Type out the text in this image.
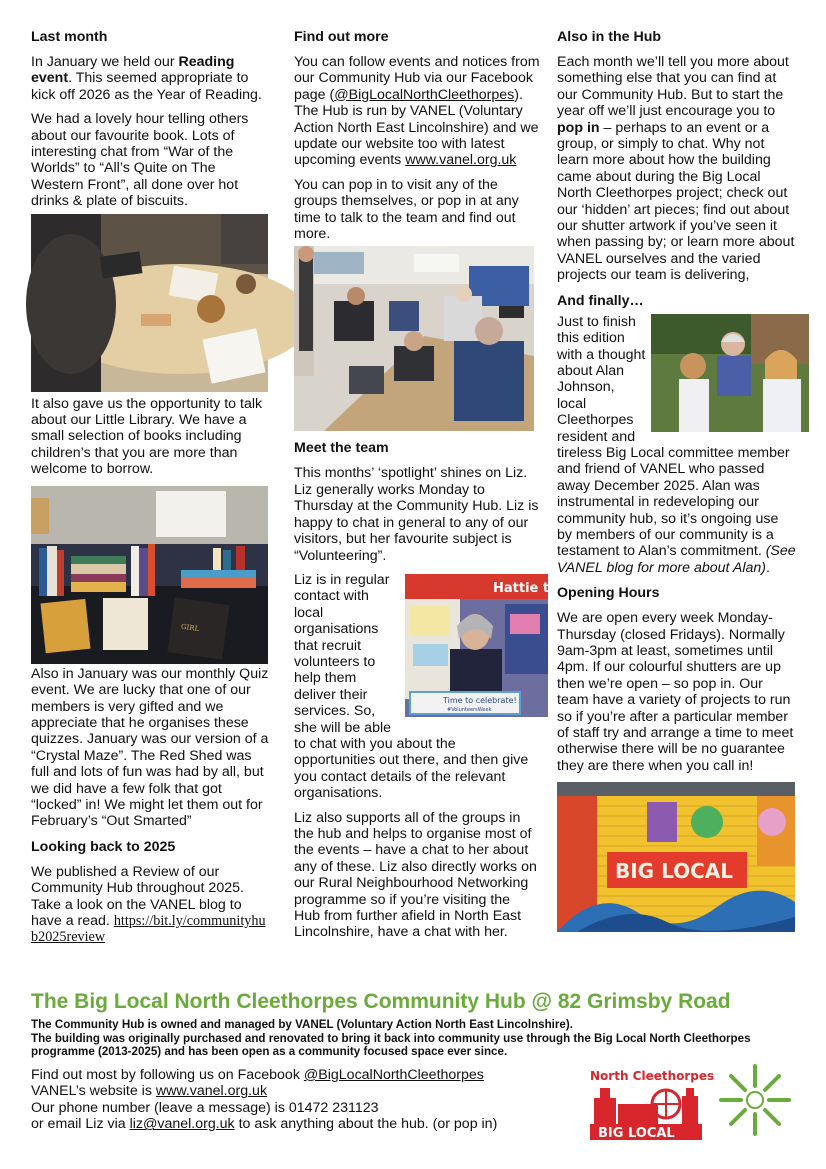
Last month

In January we held our Reading event. This seemed appropriate to kick off 2026 as the Year of Reading.

We had a lovely hour telling others about our favourite book. Lots of interesting chat from “War of the Worlds” to “All’s Quite on The Western Front”, all done over hot drinks & plate of biscuits.

It also gave us the opportunity to talk about our Little Library. We have a small selection of books including children’s that you are more than welcome to borrow.

GIRL

Also in January was our monthly Quiz event. We are lucky that one of our members is very gifted and we appreciate that he organises these quizzes. January was our version of a “Crystal Maze”. The Red Shed was full and lots of fun was had by all, but we did have a few folk that got “locked” in! We might let them out for February’s “Out Smarted”

Looking back to 2025

We published a Review of our Community Hub throughout 2025. Take a look on the VANEL blog to have a read. https://bit.ly/communityhub2025review

Find out more

You can follow events and notices from our Community Hub via our Facebook page (@BigLocalNorthCleethorpes). The Hub is run by VANEL (Voluntary Action North East Lincolnshire) and we update our website too with latest upcoming events www.vanel.org.uk

You can pop in to visit any of the groups themselves, or pop in at any time to talk to the team and find out more.

Meet the team

This months’ ‘spotlight’ shines on Liz. Liz generally works Monday to Thursday at the Community Hub. Liz is happy to chat in general to any of our visitors, but her favourite subject is “Volunteering”.

Hattie tr
Time to celebrate!
#VolunteersWeek

Liz is in regular contact with local organisations that recruit volunteers to help them deliver their services. So, she will be able to chat with you about the opportunities out there, and then give you contact details of the relevant organisations.

Liz also supports all of the groups in the hub and helps to organise most of the events – have a chat to her about any of these. Liz also directly works on our Rural Neighbourhood Networking programme so if you’re visiting the Hub from further afield in North East Lincolnshire, have a chat with her.

Also in the Hub

Each month we’ll tell you more about something else that you can find at our Community Hub. But to start the year off we’ll just encourage you to pop in – perhaps to an event or a group, or simply to chat. Why not learn more about how the building came about during the Big Local North Cleethorpes project; check out our ‘hidden’ art pieces; find out about our shutter artwork if you’ve seen it when passing by; or learn more about VANEL ourselves and the varied projects our team is delivering,

And finally…

Just to finish this edition with a thought about Alan Johnson, local Cleethorpes resident and tireless Big Local committee member and friend of VANEL who passed away December 2025. Alan was instrumental in redeveloping our community hub, so it’s ongoing use by members of our community is a testament to Alan’s commitment. (See VANEL blog for more about Alan).

Opening Hours

We are open every week Monday-Thursday (closed Fridays). Normally 9am-3pm at least, sometimes until 4pm. If our colourful shutters are up then we’re open – so pop in. Our team have a variety of projects to run so if you’re after a particular member of staff try and arrange a time to meet otherwise there will be no guarantee they are there when you call in!

BIG LOCAL
The Big Local North Cleethorpes Community Hub @ 82 Grimsby Road

The Community Hub is owned and managed by VANEL (Voluntary Action North East Lincolnshire).
The building was originally purchased and renovated to bring it back into community use through the Big Local North Cleethorpes programme (2013-2025) and has been open as a community focused space ever since.

Find out most by following us on Facebook @BigLocalNorthCleethorpes

VANEL’s website is www.vanel.org.uk

Our phone number (leave a message) is 01472 231123

or email Liz via liz@vanel.org.uk to ask anything about the hub. (or pop in)

North Cleethorpes
BIG LOCAL
